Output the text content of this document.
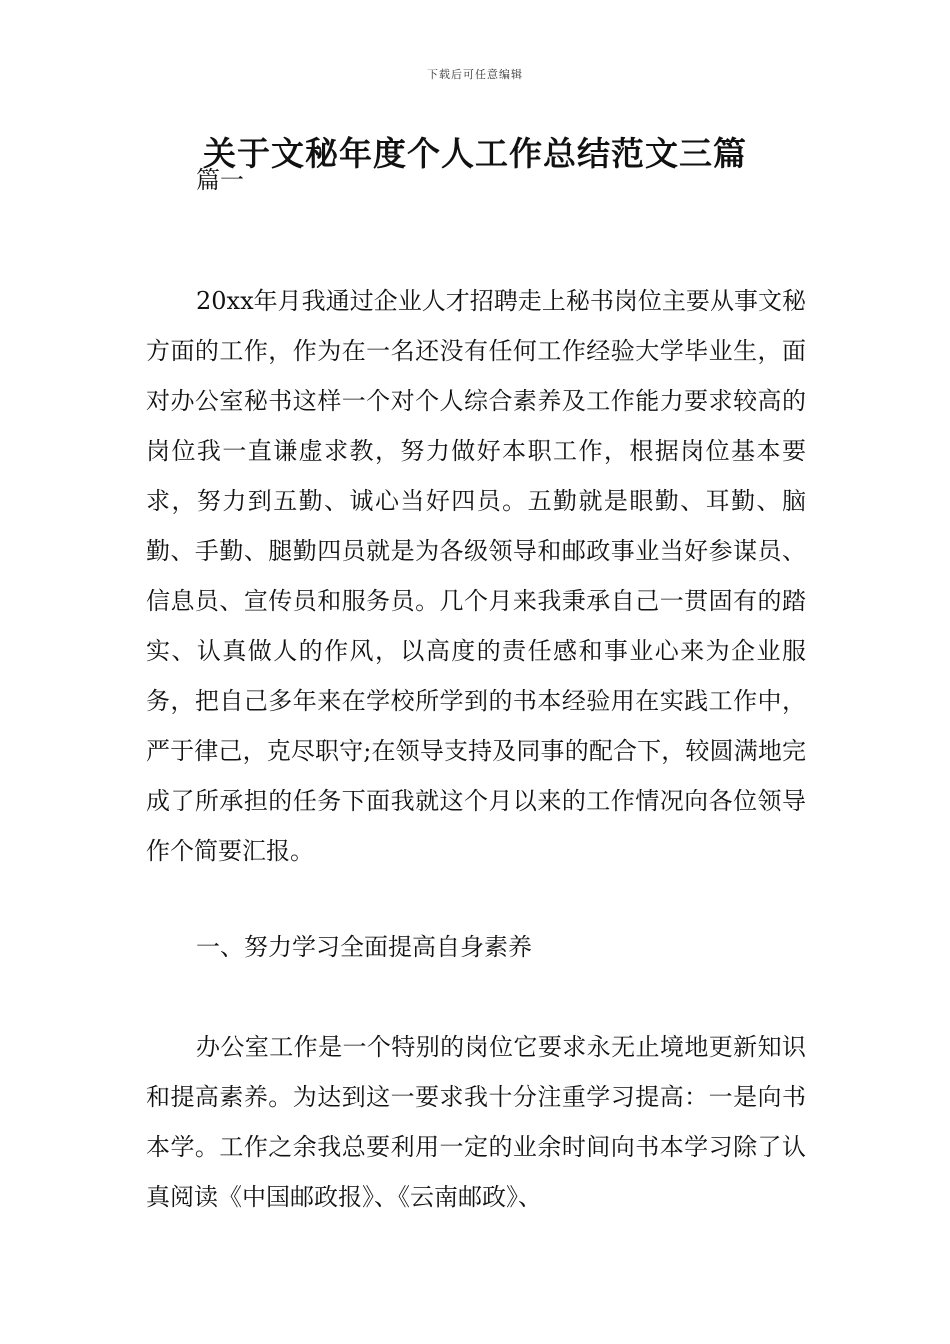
下载后可任意编辑
关于文秘年度个人工作总结范文三篇
篇一

20xx年月我通过企业人才招聘走上秘书岗位主要从事文秘方面的工作，作为在一名还没有任何工作经验大学毕业生，面对办公室秘书这样一个对个人综合素养及工作能力要求较高的岗位我一直谦虚求教，努力做好本职工作，根据岗位基本要求，努力到五勤、诚心当好四员。五勤就是眼勤、耳勤、脑勤、手勤、腿勤四员就是为各级领导和邮政事业当好参谋员、信息员、宣传员和服务员。几个月来我秉承自己一贯固有的踏实、认真做人的作风，以高度的责任感和事业心来为企业服务，把自己多年来在学校所学到的书本经验用在实践工作中，严于律己，克尽职守;在领导支持及同事的配合下，较圆满地完成了所承担的任务下面我就这个月以来的工作情况向各位领导作个简要汇报。

一、努力学习全面提高自身素养

办公室工作是一个特别的岗位它要求永无止境地更新知识和提高素养。为达到这一要求我十分注重学习提高：一是向书本学。工作之余我总要利用一定的业余时间向书本学习除了认真阅读《中国邮政报》、《云南邮政》、
